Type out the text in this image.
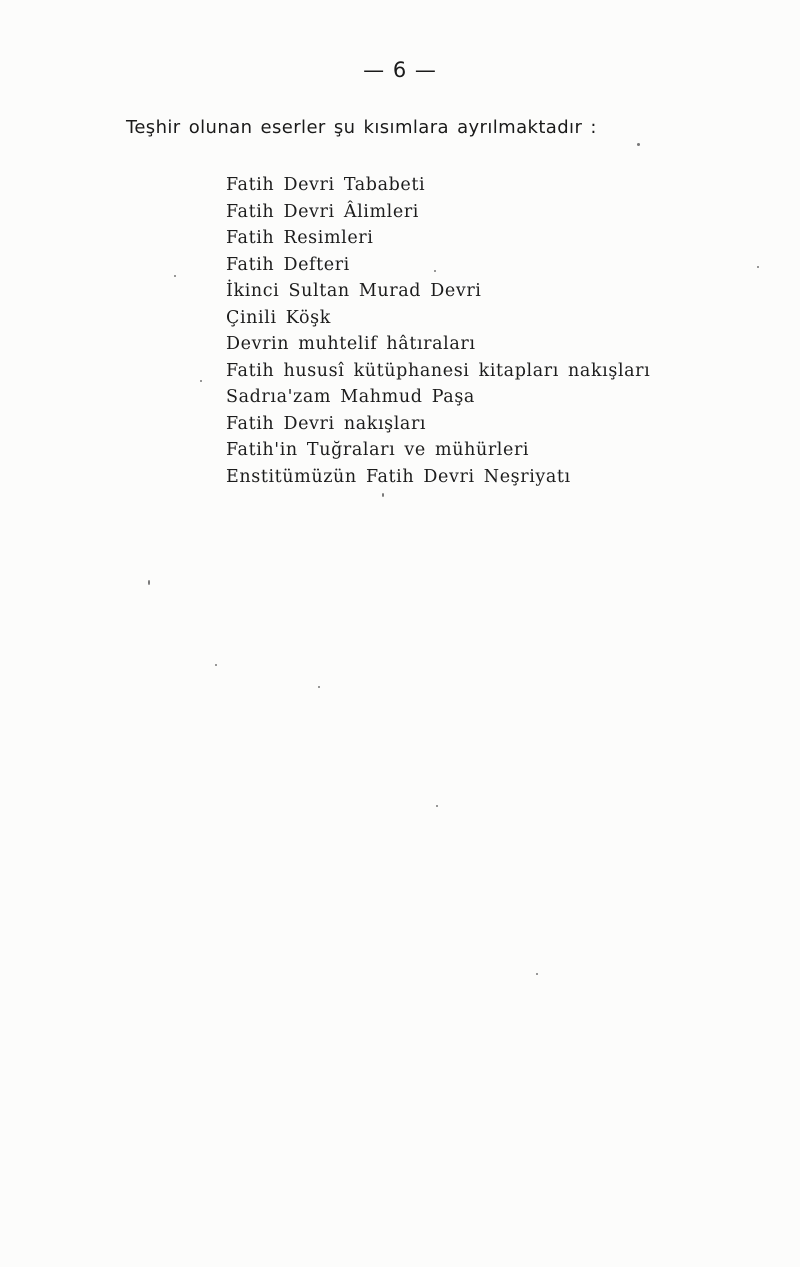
— 6 —
Teşhir olunan eserler şu kısımlara ayrılmaktadır :
Fatih Devri Tababeti
Fatih Devri Âlimleri
Fatih Resimleri
Fatih Defteri
İkinci Sultan Murad Devri
Çinili Köşk
Devrin muhtelif hâtıraları
Fatih hususî kütüphanesi kitapları nakışları
Sadrıa'zam Mahmud Paşa
Fatih Devri nakışları
Fatih'in Tuğraları ve mühürleri
Enstitümüzün Fatih Devri Neşriyatı
